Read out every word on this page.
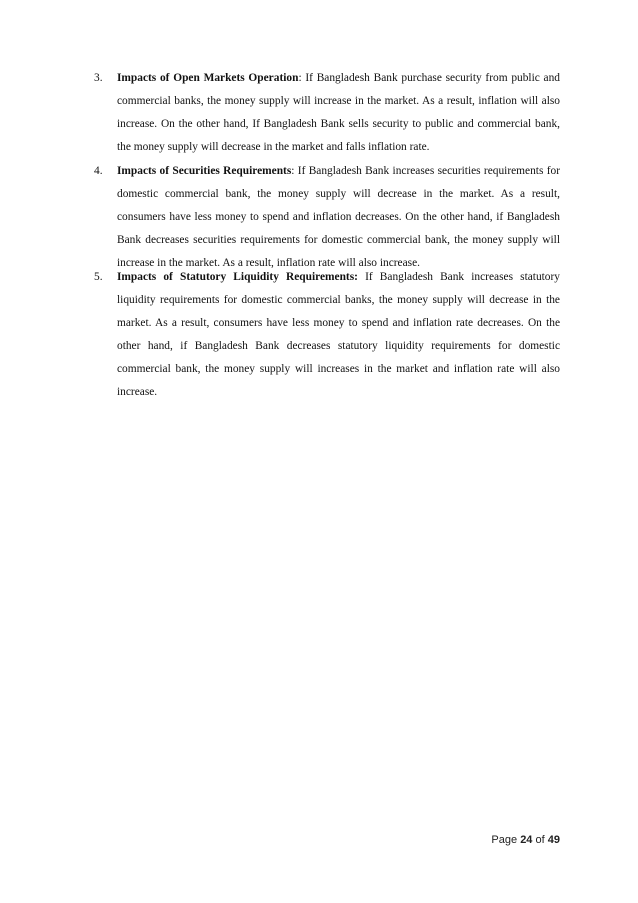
3.	Impacts of Open Markets Operation: If Bangladesh Bank purchase security from public and commercial banks, the money supply will increase in the market. As a result, inflation will also increase. On the other hand, If Bangladesh Bank sells security to public and commercial bank, the money supply will decrease in the market and falls inflation rate.
4.	Impacts of Securities Requirements: If Bangladesh Bank increases securities requirements for domestic commercial bank, the money supply will decrease in the market. As a result, consumers have less money to spend and inflation decreases. On the other hand, if Bangladesh Bank decreases securities requirements for domestic commercial bank, the money supply will increase in the market. As a result, inflation rate will also increase.
5.	Impacts of Statutory Liquidity Requirements: If Bangladesh Bank increases statutory liquidity requirements for domestic commercial banks, the money supply will decrease in the market. As a result, consumers have less money to spend and inflation rate decreases. On the other hand, if Bangladesh Bank decreases statutory liquidity requirements for domestic commercial bank, the money supply will increases in the market and inflation rate will also increase.
Page 24 of 49
